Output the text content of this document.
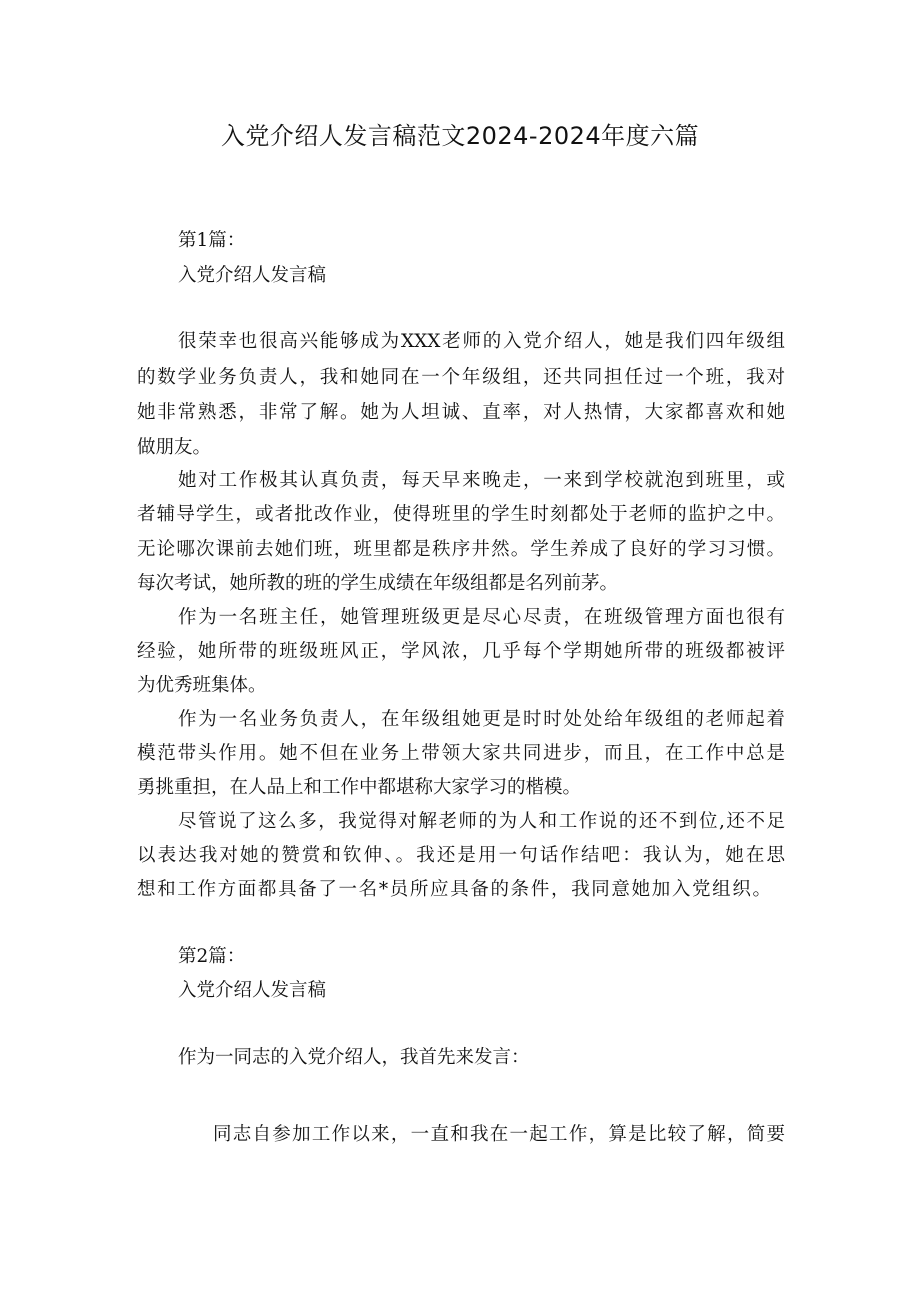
入党介绍人发言稿范文2024-2024年度六篇

第1篇：

入党介绍人发言稿

很荣幸也很高兴能够成为XXX老师的入党介绍人，她是我们四年级组

的数学业务负责人，我和她同在一个年级组，还共同担任过一个班，我对

她非常熟悉，非常了解。她为人坦诚、直率，对人热情，大家都喜欢和她

做朋友。

她对工作极其认真负责，每天早来晚走，一来到学校就泡到班里，或

者辅导学生，或者批改作业，使得班里的学生时刻都处于老师的监护之中。

无论哪次课前去她们班，班里都是秩序井然。学生养成了良好的学习习惯。

每次考试，她所教的班的学生成绩在年级组都是名列前茅。

作为一名班主任，她管理班级更是尽心尽责，在班级管理方面也很有

经验，她所带的班级班风正，学风浓，几乎每个学期她所带的班级都被评

为优秀班集体。

作为一名业务负责人，在年级组她更是时时处处给年级组的老师起着

模范带头作用。她不但在业务上带领大家共同进步，而且，在工作中总是

勇挑重担，在人品上和工作中都堪称大家学习的楷模。

尽管说了这么多，我觉得对解老师的为人和工作说的还不到位,还不足

以表达我对她的赞赏和钦伸、。我还是用一句话作结吧：我认为，她在思

想和工作方面都具备了一名*员所应具备的条件，我同意她加入党组织。

第2篇：

入党介绍人发言稿

作为一同志的入党介绍人，我首先来发言：

同志自参加工作以来，一直和我在一起工作，算是比较了解，简要
